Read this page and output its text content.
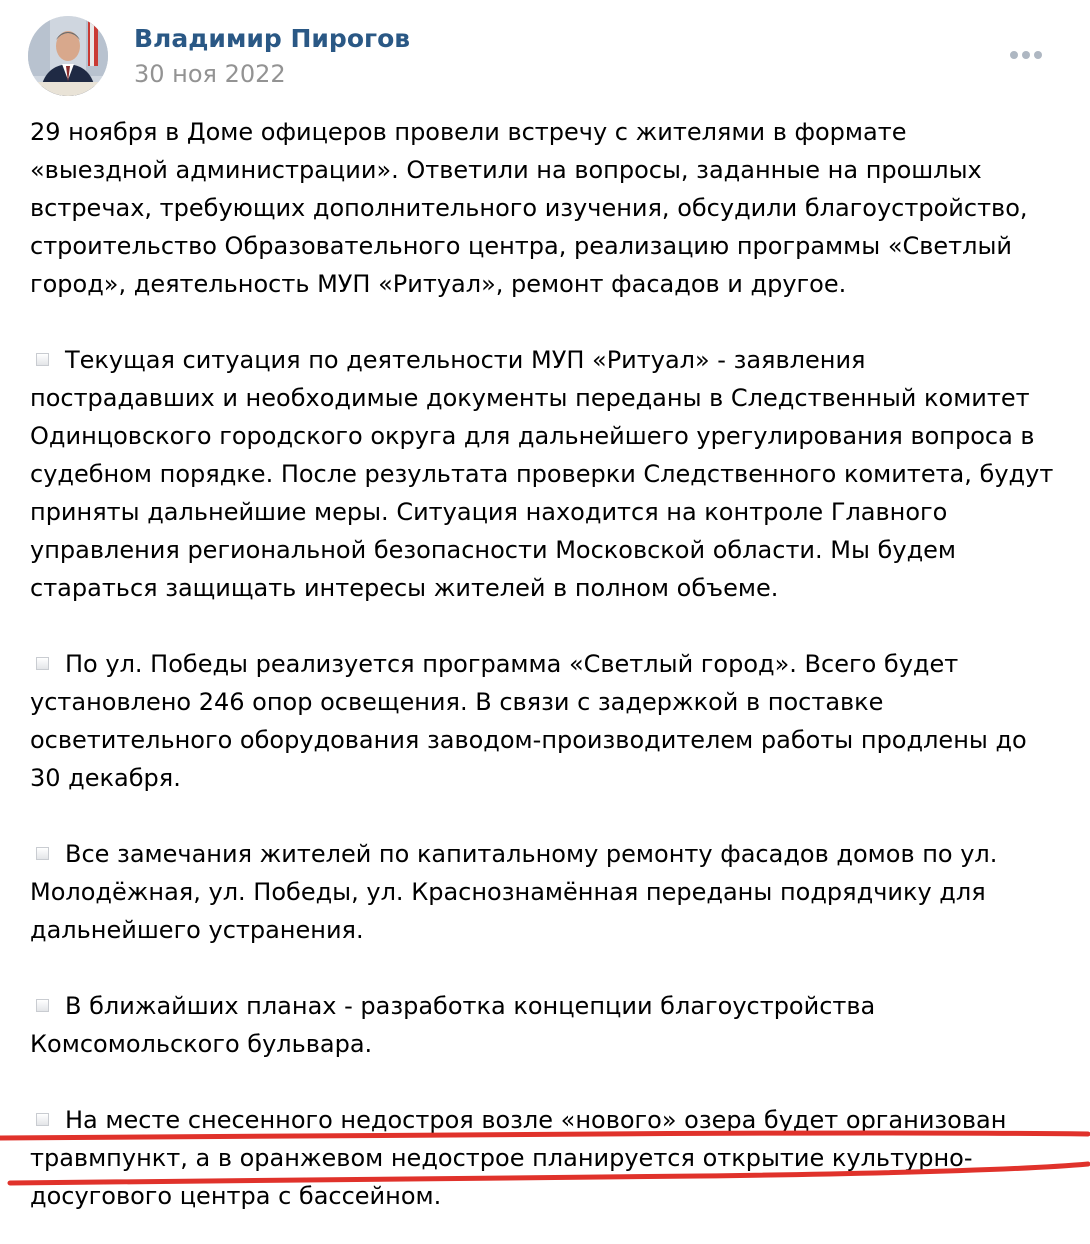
Владимир Пирогов
30 ноя 2022

29 ноября в Доме офицеров провели встречу с жителями в формате
«выездной администрации». Ответили на вопросы, заданные на прошлых
встречах, требующих дополнительного изучения, обсудили благоустройство,
строительство Образовательного центра, реализацию программы «Светлый
город», деятельность МУП «Ритуал», ремонт фасадов и другое.

Текущая ситуация по деятельности МУП «Ритуал» - заявления
пострадавших и необходимые документы переданы в Следственный комитет
Одинцовского городского округа для дальнейшего урегулирования вопроса в
судебном порядке. После результата проверки Следственного комитета, будут
приняты дальнейшие меры. Ситуация находится на контроле Главного
управления региональной безопасности Московской области. Мы будем
стараться защищать интересы жителей в полном объеме.

По ул. Победы реализуется программа «Светлый город». Всего будет
установлено 246 опор освещения. В связи с задержкой в поставке
осветительного оборудования заводом-производителем работы продлены до
30 декабря.

Все замечания жителей по капитальному ремонту фасадов домов по ул.
Молодёжная, ул. Победы, ул. Краснознамённая переданы подрядчику для
дальнейшего устранения.

В ближайших планах - разработка концепции благоустройства
Комсомольского бульвара.

На месте снесенного недостроя возле «нового» озера будет организован
травмпункт, а в оранжевом недострое планируется открытие культурно-
досугового центра с бассейном.
